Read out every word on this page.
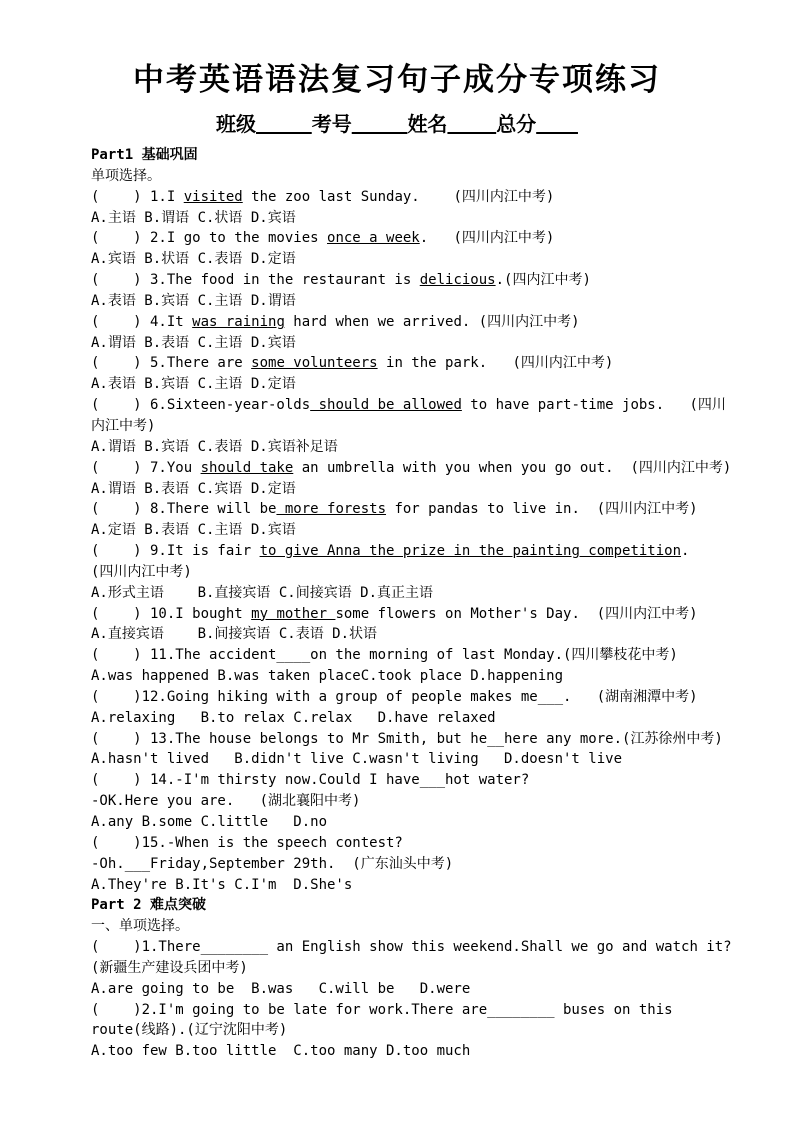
中考英语语法复习句子成分专项练习
班级	考号	姓名 总分
Part1 基础巩固
单项选择。
(    ) 1.I visited the zoo last Sunday.    (四川内江中考)
A.主语 B.谓语 C.状语 D.宾语
(    ) 2.I go to the movies once a week.   (四川内江中考)
A.宾语 B.状语 C.表语 D.定语
(    ) 3.The food in the restaurant is delicious.(四内江中考)
A.表语 B.宾语 C.主语 D.谓语
(    ) 4.It was raining hard when we arrived. (四川内江中考)
A.谓语 B.表语 C.主语 D.宾语
(    ) 5.There are some volunteers in the park.   (四川内江中考)
A.表语 B.宾语 C.主语 D.定语
(    ) 6.Sixteen-year-olds should be allowed to have part-time jobs.   (四川内江中考)
A.谓语 B.宾语 C.表语 D.宾语补足语
(    ) 7.You should take an umbrella with you when you go out.  (四川内江中考)
A.谓语 B.表语 C.宾语 D.定语
(    ) 8.There will be more forests for pandas to live in.  (四川内江中考)
A.定语 B.表语 C.主语 D.宾语
(    ) 9.It is fair to give Anna the prize in the painting competition.   (四川内江中考)
A.形式主语    B.直接宾语 C.间接宾语 D.真正主语
(    ) 10.I bought my mother some flowers on Mother's Day.  (四川内江中考)
A.直接宾语    B.间接宾语 C.表语 D.状语
(    ) 11.The accident____on the morning of last Monday.(四川攀枝花中考)
A.was happened B.was taken placeC.took place D.happening
(    )12.Going hiking with a group of people makes me___.   (湖南湘潭中考)
A.relaxing   B.to relax C.relax   D.have relaxed
(    ) 13.The house belongs to Mr Smith, but he__here any more.(江苏徐州中考)
A.hasn't lived   B.didn't live C.wasn't living   D.doesn't live
(    ) 14.-I'm thirsty now.Could I have___hot water?
-OK.Here you are.   (湖北襄阳中考)
A.any B.some C.little   D.no
(    )15.-When is the speech contest?
-Oh.___Friday,September 29th.  (广东汕头中考)
A.They're B.It's C.I'm  D.She's
Part 2 难点突破
一、单项选择。
(    )1.There________ an English show this weekend.Shall we go and watch it?
(新疆生产建设兵团中考)
A.are going to be  B.was   C.will be   D.were
(    )2.I'm going to be late for work.There are________ buses on this route(线路).(辽宁沈阳中考)
A.too few B.too little  C.too many D.too much
